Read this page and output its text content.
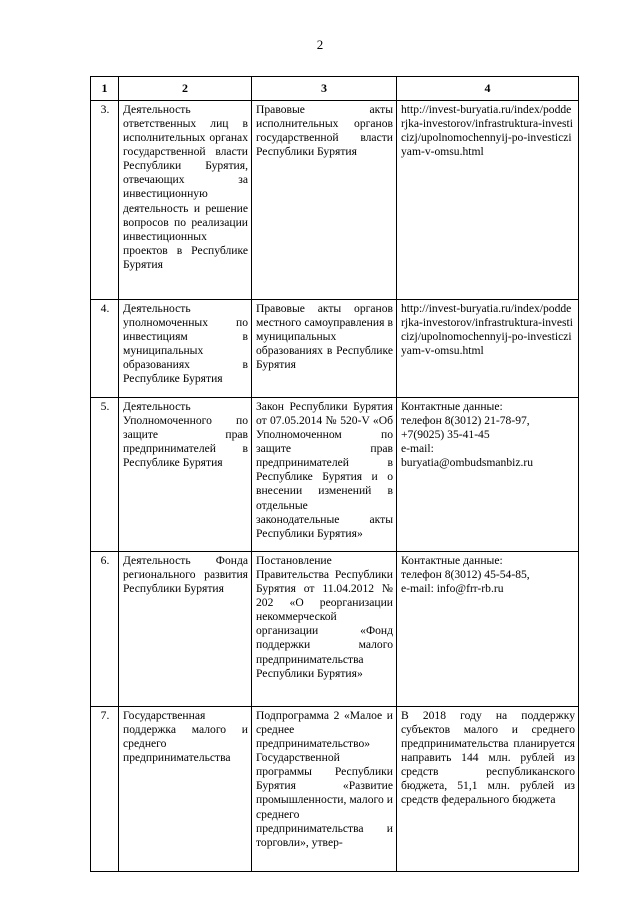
2
1	2	3	4
3.	Деятельность ответственных лиц в исполнительных органах государственной власти Республики Бурятия, отвечающих за инвестиционную деятельность и решение вопросов по реализации инвестиционных проектов в Республике Бурятия	Правовые акты исполнительных органов государственной власти Республики Бурятия	http://invest-buryatia.ru/index/podderjka-investorov/infrastruktura-investicizj/upolnomochennyij-po-investicziyam-v-omsu.html
4.	Деятельность уполномоченных по инвестициям в муниципальных образованиях в Республике Бурятия	Правовые акты органов местного самоуправления в муниципальных образованиях в Республике Бурятия	http://invest-buryatia.ru/index/podderjka-investorov/infrastruktura-investicizj/upolnomochennyij-po-investicziyam-v-omsu.html
5.	Деятельность Уполномоченного по защите прав предпринимателей в Республике Бурятия	Закон Республики Бурятия от 07.05.2014 № 520-V «Об Уполномоченном по защите прав предпринимателей в Республике Бурятия и о внесении изменений в отдельные законодательные акты Республики Бурятия»	Контактные данные:
телефон 8(3012) 21-78-97,
+7(9025) 35-41-45
e-mail:
buryatia@ombudsmanbiz.ru

6.	Деятельность Фонда регионального развития Республики Бурятия	Постановление Правительства Республики Бурятия от 11.04.2012 № 202 «О реорганизации некоммерческой организации «Фонд поддержки малого предпринимательства Республики Бурятия»	Контактные данные:
телефон 8(3012) 45-54-85,
e-mail: info@frr-rb.ru

7.	Государственная поддержка малого и среднего предпринимательства	Подпрограмма 2 «Малое и среднее предпринимательство» Государственной программы Республики Бурятия «Развитие промышленности, малого и среднего предпринимательства и торговли», утвер-	В 2018 году на поддержку субъектов малого и среднего предпринимательства планируется направить 144 млн. рублей из средств республиканского бюджета, 51,1 млн. рублей из средств федерального бюджета
